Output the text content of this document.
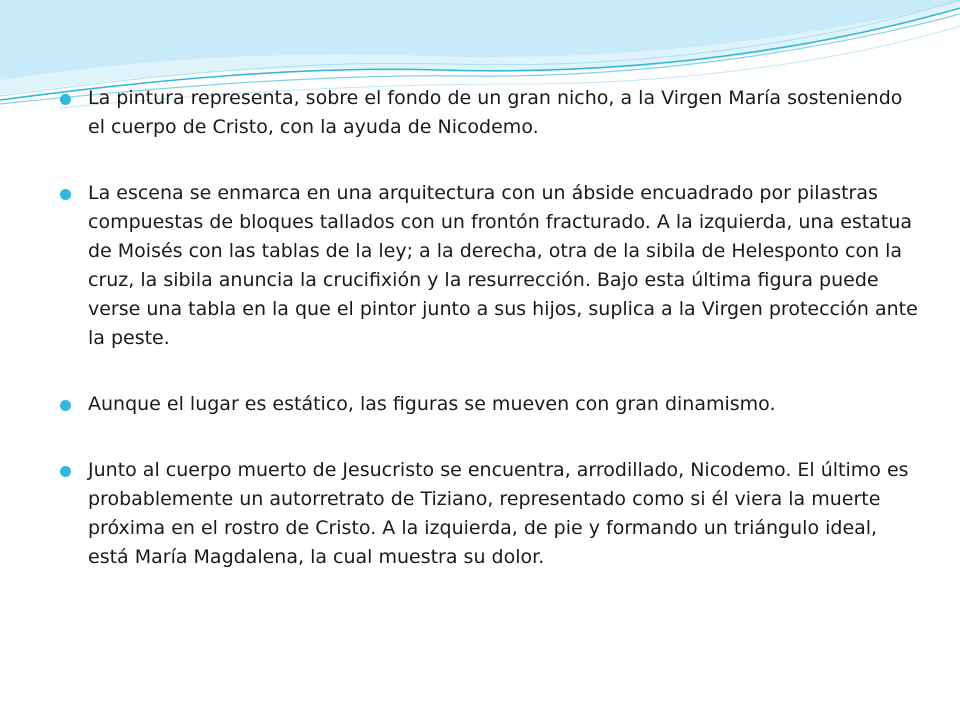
La pintura representa, sobre el fondo de un gran nicho, a la Virgen María sosteniendo el cuerpo de Cristo, con la ayuda de Nicodemo.
La escena se enmarca en una arquitectura con un ábside encuadrado por pilastras compuestas de bloques tallados con un frontón fracturado. A la izquierda, una estatua de Moisés con las tablas de la ley; a la derecha, otra de la sibila de Helesponto con la cruz, la sibila anuncia la crucifixión y la resurrección. Bajo esta última figura puede verse una tabla en la que el pintor junto a sus hijos, suplica a la Virgen protección ante la peste.
Aunque el lugar es estático, las figuras se mueven con gran dinamismo.
Junto al cuerpo muerto de Jesucristo se encuentra, arrodillado, Nicodemo. El último es probablemente un autorretrato de Tiziano, representado como si él viera la muerte próxima en el rostro de Cristo. A la izquierda, de pie y formando un triángulo ideal, está María Magdalena, la cual muestra su dolor.
